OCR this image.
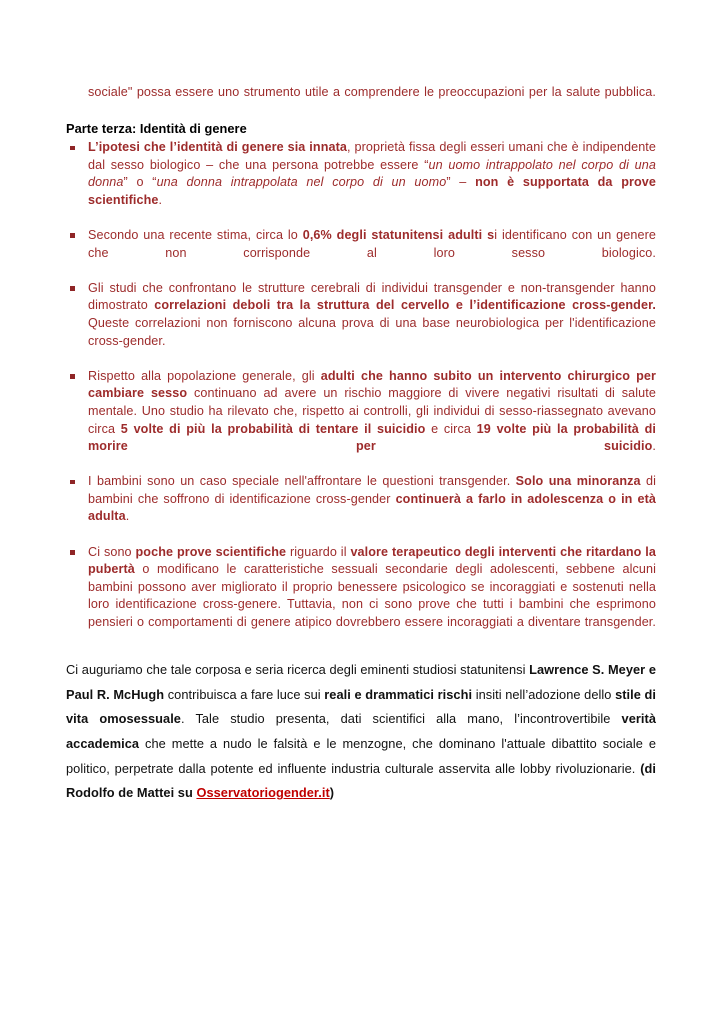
sociale" possa essere uno strumento utile a comprendere le preoccupazioni per la salute pubblica.

Parte terza: Identità di genere
L’ipotesi che l’identità di genere sia innata, proprietà fissa degli esseri umani che è indipendente dal sesso biologico – che una persona potrebbe essere “un uomo intrappolato nel corpo di una donna” o “una donna intrappolata nel corpo di un uomo” – non è supportata da prove scientifiche.
Secondo una recente stima, circa lo 0,6% degli statunitensi adulti si identificano con un genere che non corrisponde al loro sesso biologico.
Gli studi che confrontano le strutture cerebrali di individui transgender e non-transgender hanno dimostrato correlazioni deboli tra la struttura del cervello e l’identificazione cross-gender. Queste correlazioni non forniscono alcuna prova di una base neurobiologica per l'identificazione cross-gender.
Rispetto alla popolazione generale, gli adulti che hanno subito un intervento chirurgico per cambiare sesso continuano ad avere un rischio maggiore di vivere negativi risultati di salute mentale. Uno studio ha rilevato che, rispetto ai controlli, gli individui di sesso-riassegnato avevano circa 5 volte di più la probabilità di tentare il suicidio e circa 19 volte più la probabilità di morire per suicidio.
I bambini sono un caso speciale nell'affrontare le questioni transgender. Solo una minoranza di bambini che soffrono di identificazione cross-gender continuerà a farlo in adolescenza o in età adulta.
Ci sono poche prove scientifiche riguardo il valore terapeutico degli interventi che ritardano la pubertà o modificano le caratteristiche sessuali secondarie degli adolescenti, sebbene alcuni bambini possono aver migliorato il proprio benessere psicologico se incoraggiati e sostenuti nella loro identificazione cross-genere. Tuttavia, non ci sono prove che tutti i bambini che esprimono pensieri o comportamenti di genere atipico dovrebbero essere incoraggiati a diventare transgender.

Ci auguriamo che tale corposa e seria ricerca degli eminenti studiosi statunitensi Lawrence S. Meyer e Paul R. McHugh contribuisca a fare luce sui reali e drammatici rischi insiti nell’adozione dello stile di vita omosessuale. Tale studio presenta, dati scientifici alla mano, l’incontrovertibile verità accademica che mette a nudo le falsità e le menzogne, che dominano l'attuale dibattito sociale e politico, perpetrate dalla potente ed influente industria culturale asservita alle lobby rivoluzionarie. (di Rodolfo de Mattei su Osservatoriogender.it)
